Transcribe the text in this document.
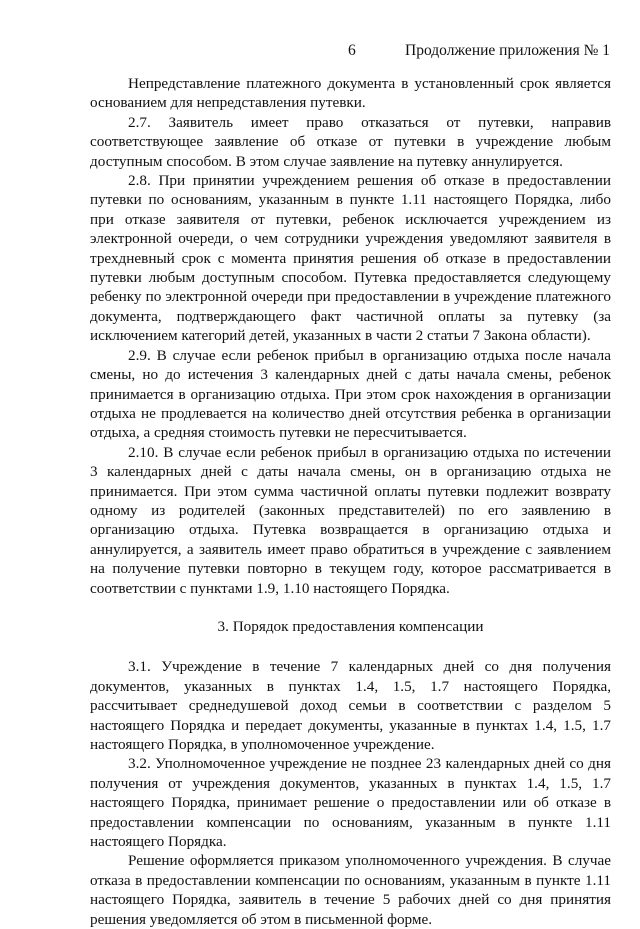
6	Продолжение приложения № 1

Непредставление платежного документа в установленный срок является основанием для непредставления путевки.

2.7. Заявитель имеет право отказаться от путевки, направив соответствующее заявление об отказе от путевки в учреждение любым доступным способом. В этом случае заявление на путевку аннулируется.

2.8. При принятии учреждением решения об отказе в предоставлении путевки по основаниям, указанным в пункте 1.11 настоящего Порядка, либо при отказе заявителя от путевки, ребенок исключается учреждением из электронной очереди, о чем сотрудники учреждения уведомляют заявителя в трехдневный срок с момента принятия решения об отказе в предоставлении путевки любым доступным способом. Путевка предоставляется следующему ребенку по электронной очереди при предоставлении в учреждение платежного документа, подтверждающего факт частичной оплаты за путевку (за исключением категорий детей, указанных в части 2 статьи 7 Закона области).

2.9. В случае если ребенок прибыл в организацию отдыха после начала смены, но до истечения 3 календарных дней с даты начала смены, ребенок принимается в организацию отдыха. При этом срок нахождения в организации отдыха не продлевается на количество дней отсутствия ребенка в организации отдыха, а средняя стоимость путевки не пересчитывается.

2.10. В случае если ребенок прибыл в организацию отдыха по истечении 3 календарных дней с даты начала смены, он в организацию отдыха не принимается. При этом сумма частичной оплаты путевки подлежит возврату одному из родителей (законных представителей) по его заявлению в организацию отдыха. Путевка возвращается в организацию отдыха и аннулируется, а заявитель имеет право обратиться в учреждение с заявлением на получение путевки повторно в текущем году, которое рассматривается в соответствии с пунктами 1.9, 1.10 настоящего Порядка.

3. Порядок предоставления компенсации

3.1. Учреждение в течение 7 календарных дней со дня получения документов, указанных в пунктах 1.4, 1.5, 1.7 настоящего Порядка, рассчитывает среднедушевой доход семьи в соответствии с разделом 5 настоящего Порядка и передает документы, указанные в пунктах 1.4, 1.5, 1.7 настоящего Порядка, в уполномоченное учреждение.

3.2. Уполномоченное учреждение не позднее 23 календарных дней со дня получения от учреждения документов, указанных в пунктах 1.4, 1.5, 1.7 настоящего Порядка, принимает решение о предоставлении или об отказе в предоставлении компенсации по основаниям, указанным в пункте 1.11 настоящего Порядка.

Решение оформляется приказом уполномоченного учреждения. В случае отказа в предоставлении компенсации по основаниям, указанным в пункте 1.11 настоящего Порядка, заявитель в течение 5 рабочих дней со дня принятия решения уведомляется об этом в письменной форме.
